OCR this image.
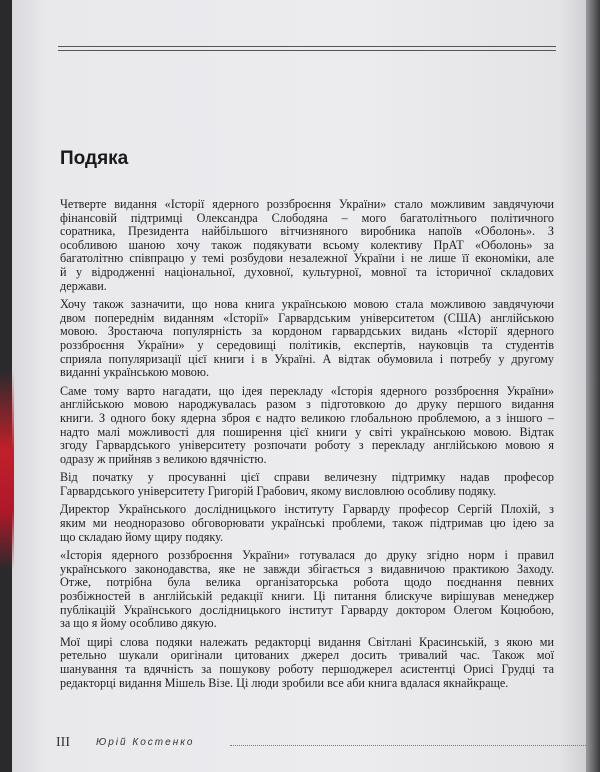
Подяка
Четверте видання «Історії ядерного роззброєння України» стало можливим завдячуючи
фінансовій підтримці Олександра Слободяна – мого багатолітнього політичного
соратника, Президента найбільшого вітчизняного виробника напоїв «Оболонь». З
особливою шаною хочу також подякувати всьому колективу ПрАТ «Оболонь» за
багатолітню співпрацю у темі розбудови незалежної України і не лише її економіки, але
й у відродженні національної, духовної, культурної, мовної та історичної складових
держави.
Хочу також зазначити, що нова книга українською мовою стала можливою завдячуючи
двом попереднім виданням «Історії» Гарвардським університетом (США) англійською
мовою. Зростаюча популярність за кордоном гарвардських видань «Історії ядерного
роззброєння України» у середовищі політиків, експертів, науковців та студентів
сприяла популяризації цієї книги і в Україні. А відтак обумовила і потребу у другому
виданні українською мовою.
Саме тому варто нагадати, що ідея перекладу «Історія ядерного роззброєння України»
англійською мовою народжувалась разом з підготовкою до друку першого видання
книги. З одного боку ядерна зброя є надто великою глобальною проблемою, а з іншого –
надто малі можливості для поширення цієї книги у світі українською мовою. Відтак
згоду Гарвардського університету розпочати роботу з перекладу англійською мовою я
одразу ж прийняв з великою вдячністю.
Від початку у просуванні цієї справи величезну підтримку надав професор
Гарвардського університету Григорій Грабович, якому висловлюю особливу подяку.
Директор Українського дослідницького інституту Гарварду професор Сергій Плохій, з
яким ми неодноразово обговорювати українські проблеми, також підтримав цю ідею за
що складаю йому щиру подяку.
«Історія ядерного роззброєння України» готувалася до друку згідно норм і правил
українського законодавства, яке не завжди збігається з видавничою практикою Заходу.
Отже, потрібна була велика організаторська робота щодо поєднання певних
розбіжностей в англійській редакції книги. Ці питання блискуче вирішував менеджер
публікацій Українського дослідницького інститут Гарварду доктором Олегом Коцюбою,
за що я йому особливо дякую.
Мої щирі слова подяки належать редакторці видання Світлані Красинській, з якою ми
ретельно шукали оригінали цитованих джерел досить тривалий час. Також мої
шанування та вдячність за пошукову роботу першоджерел асистентці Орисі Грудці та
редакторці видання Мішель Візе. Ці люди зробили все аби книга вдалася якнайкраще.
III	Юрій Костенко
